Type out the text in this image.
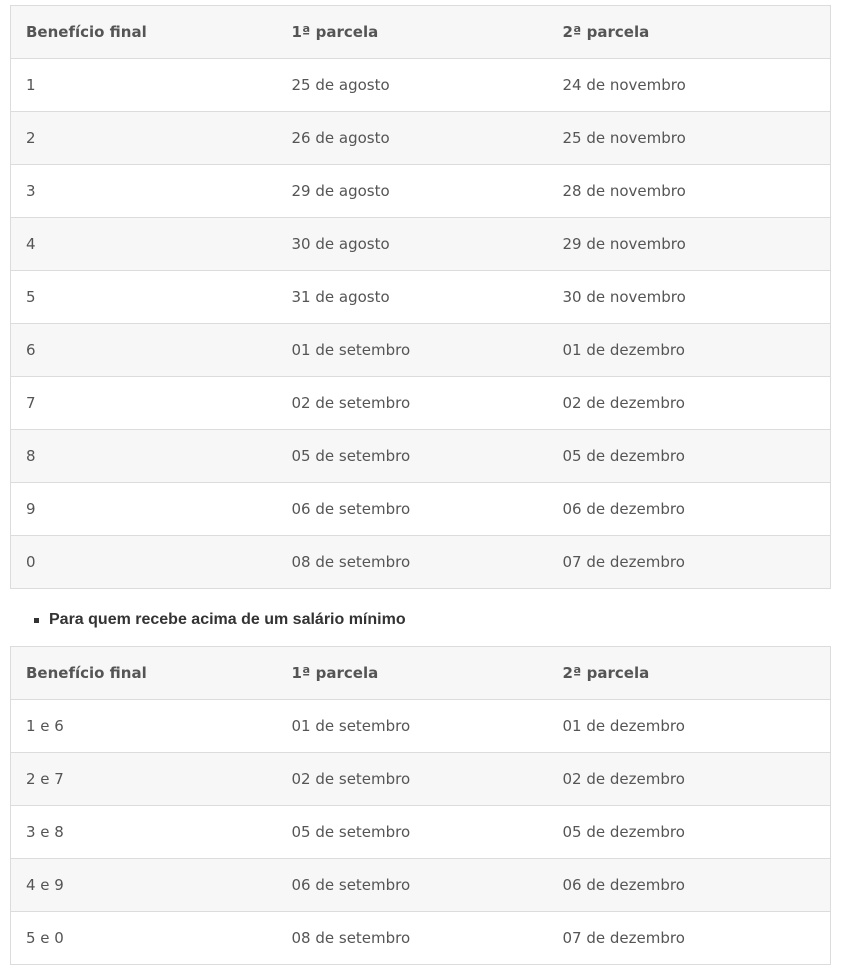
Benefício final	1ª parcela	2ª parcela
1	25 de agosto	24 de novembro
2	26 de agosto	25 de novembro
3	29 de agosto	28 de novembro
4	30 de agosto	29 de novembro
5	31 de agosto	30 de novembro
6	01 de setembro	01 de dezembro
7	02 de setembro	02 de dezembro
8	05 de setembro	05 de dezembro
9	06 de setembro	06 de dezembro
0	08 de setembro	07 de dezembro
Para quem recebe acima de um salário mínimo
Benefício final	1ª parcela	2ª parcela
1 e 6	01 de setembro	01 de dezembro
2 e 7	02 de setembro	02 de dezembro
3 e 8	05 de setembro	05 de dezembro
4 e 9	06 de setembro	06 de dezembro
5 e 0	08 de setembro	07 de dezembro
